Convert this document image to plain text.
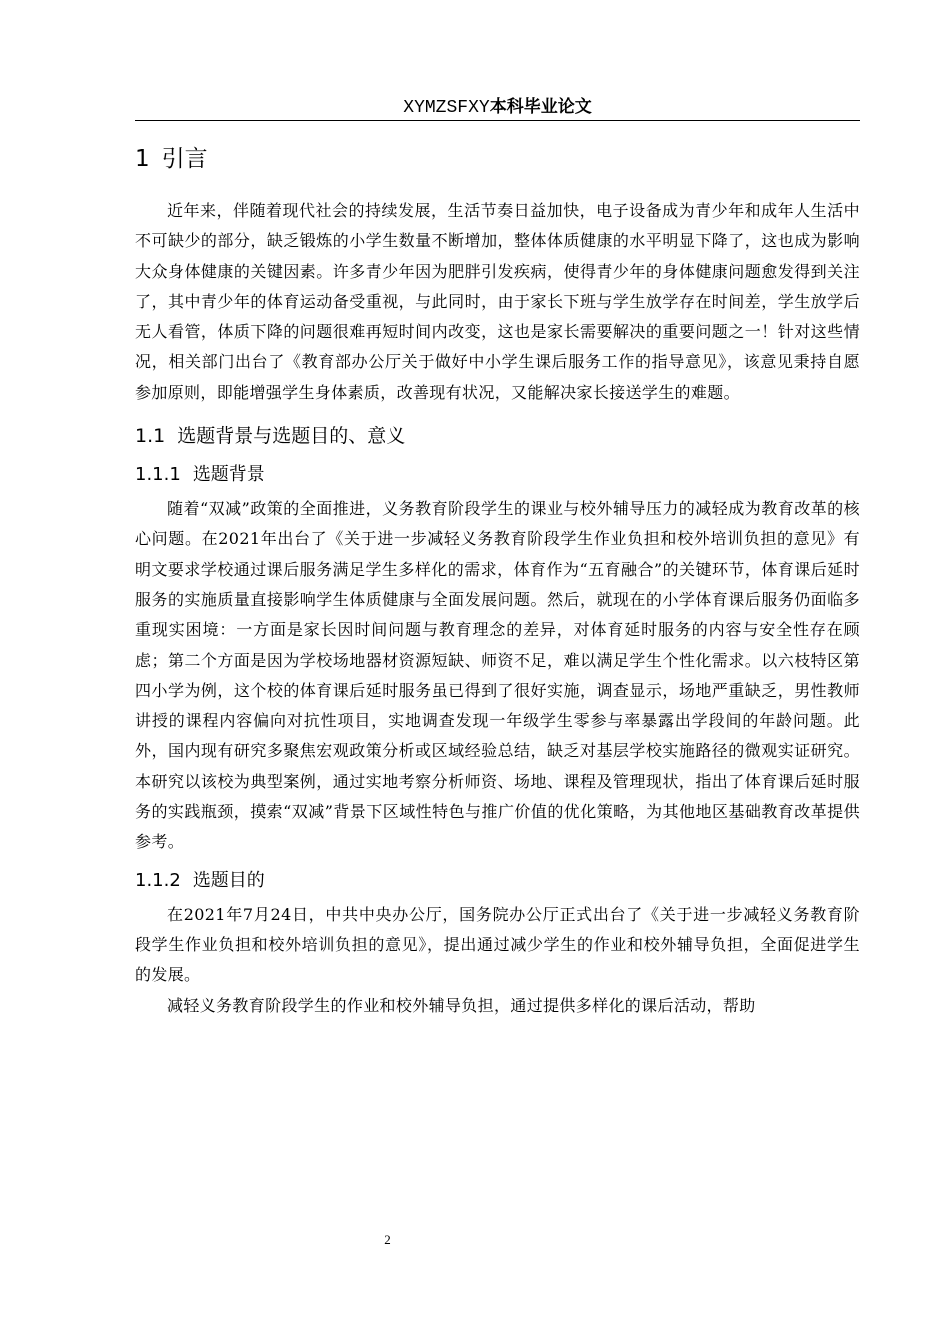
XYMZSFXY本科毕业论文
1 引言

近年来，伴随着现代社会的持续发展，生活节奏日益加快，电子设备成为青少年和成年人生活中不可缺少的部分，缺乏锻炼的小学生数量不断增加，整体体质健康的水平明显下降了，这也成为影响大众身体健康的关键因素。许多青少年因为肥胖引发疾病，使得青少年的身体健康问题愈发得到关注了，其中青少年的体育运动备受重视，与此同时，由于家长下班与学生放学存在时间差，学生放学后无人看管，体质下降的问题很难再短时间内改变，这也是家长需要解决的重要问题之一！针对这些情况，相关部门出台了《教育部办公厅关于做好中小学生课后服务工作的指导意见》，该意见秉持自愿参加原则，即能增强学生身体素质，改善现有状况，又能解决家长接送学生的难题。

1.1 选题背景与选题目的、意义
1.1.1 选题背景

随着“双减”政策的全面推进，义务教育阶段学生的课业与校外辅导压力的减轻成为教育改革的核心问题。在2021年出台了《关于进一步减轻义务教育阶段学生作业负担和校外培训负担的意见》有明文要求学校通过课后服务满足学生多样化的需求，体育作为“五育融合”的关键环节，体育课后延时服务的实施质量直接影响学生体质健康与全面发展问题。然后，就现在的小学体育课后服务仍面临多重现实困境：一方面是家长因时间问题与教育理念的差异，对体育延时服务的内容与安全性存在顾虑；第二个方面是因为学校场地器材资源短缺、师资不足，难以满足学生个性化需求。以六枝特区第四小学为例，这个校的体育课后延时服务虽已得到了很好实施，调查显示，场地严重缺乏，男性教师讲授的课程内容偏向对抗性项目，实地调查发现一年级学生零参与率暴露出学段间的年龄问题。此外，国内现有研究多聚焦宏观政策分析或区域经验总结，缺乏对基层学校实施路径的微观实证研究。本研究以该校为典型案例，通过实地考察分析师资、场地、课程及管理现状，指出了体育课后延时服务的实践瓶颈，摸索“双减”背景下区域性特色与推广价值的优化策略，为其他地区基础教育改革提供参考。

1.1.2 选题目的

在2021年7月24日，中共中央办公厅，国务院办公厅正式出台了《关于进一步减轻义务教育阶段学生作业负担和校外培训负担的意见》，提出通过减少学生的作业和校外辅导负担，全面促进学生的发展。

减轻义务教育阶段学生的作业和校外辅导负担，通过提供多样化的课后活动，帮助

2
